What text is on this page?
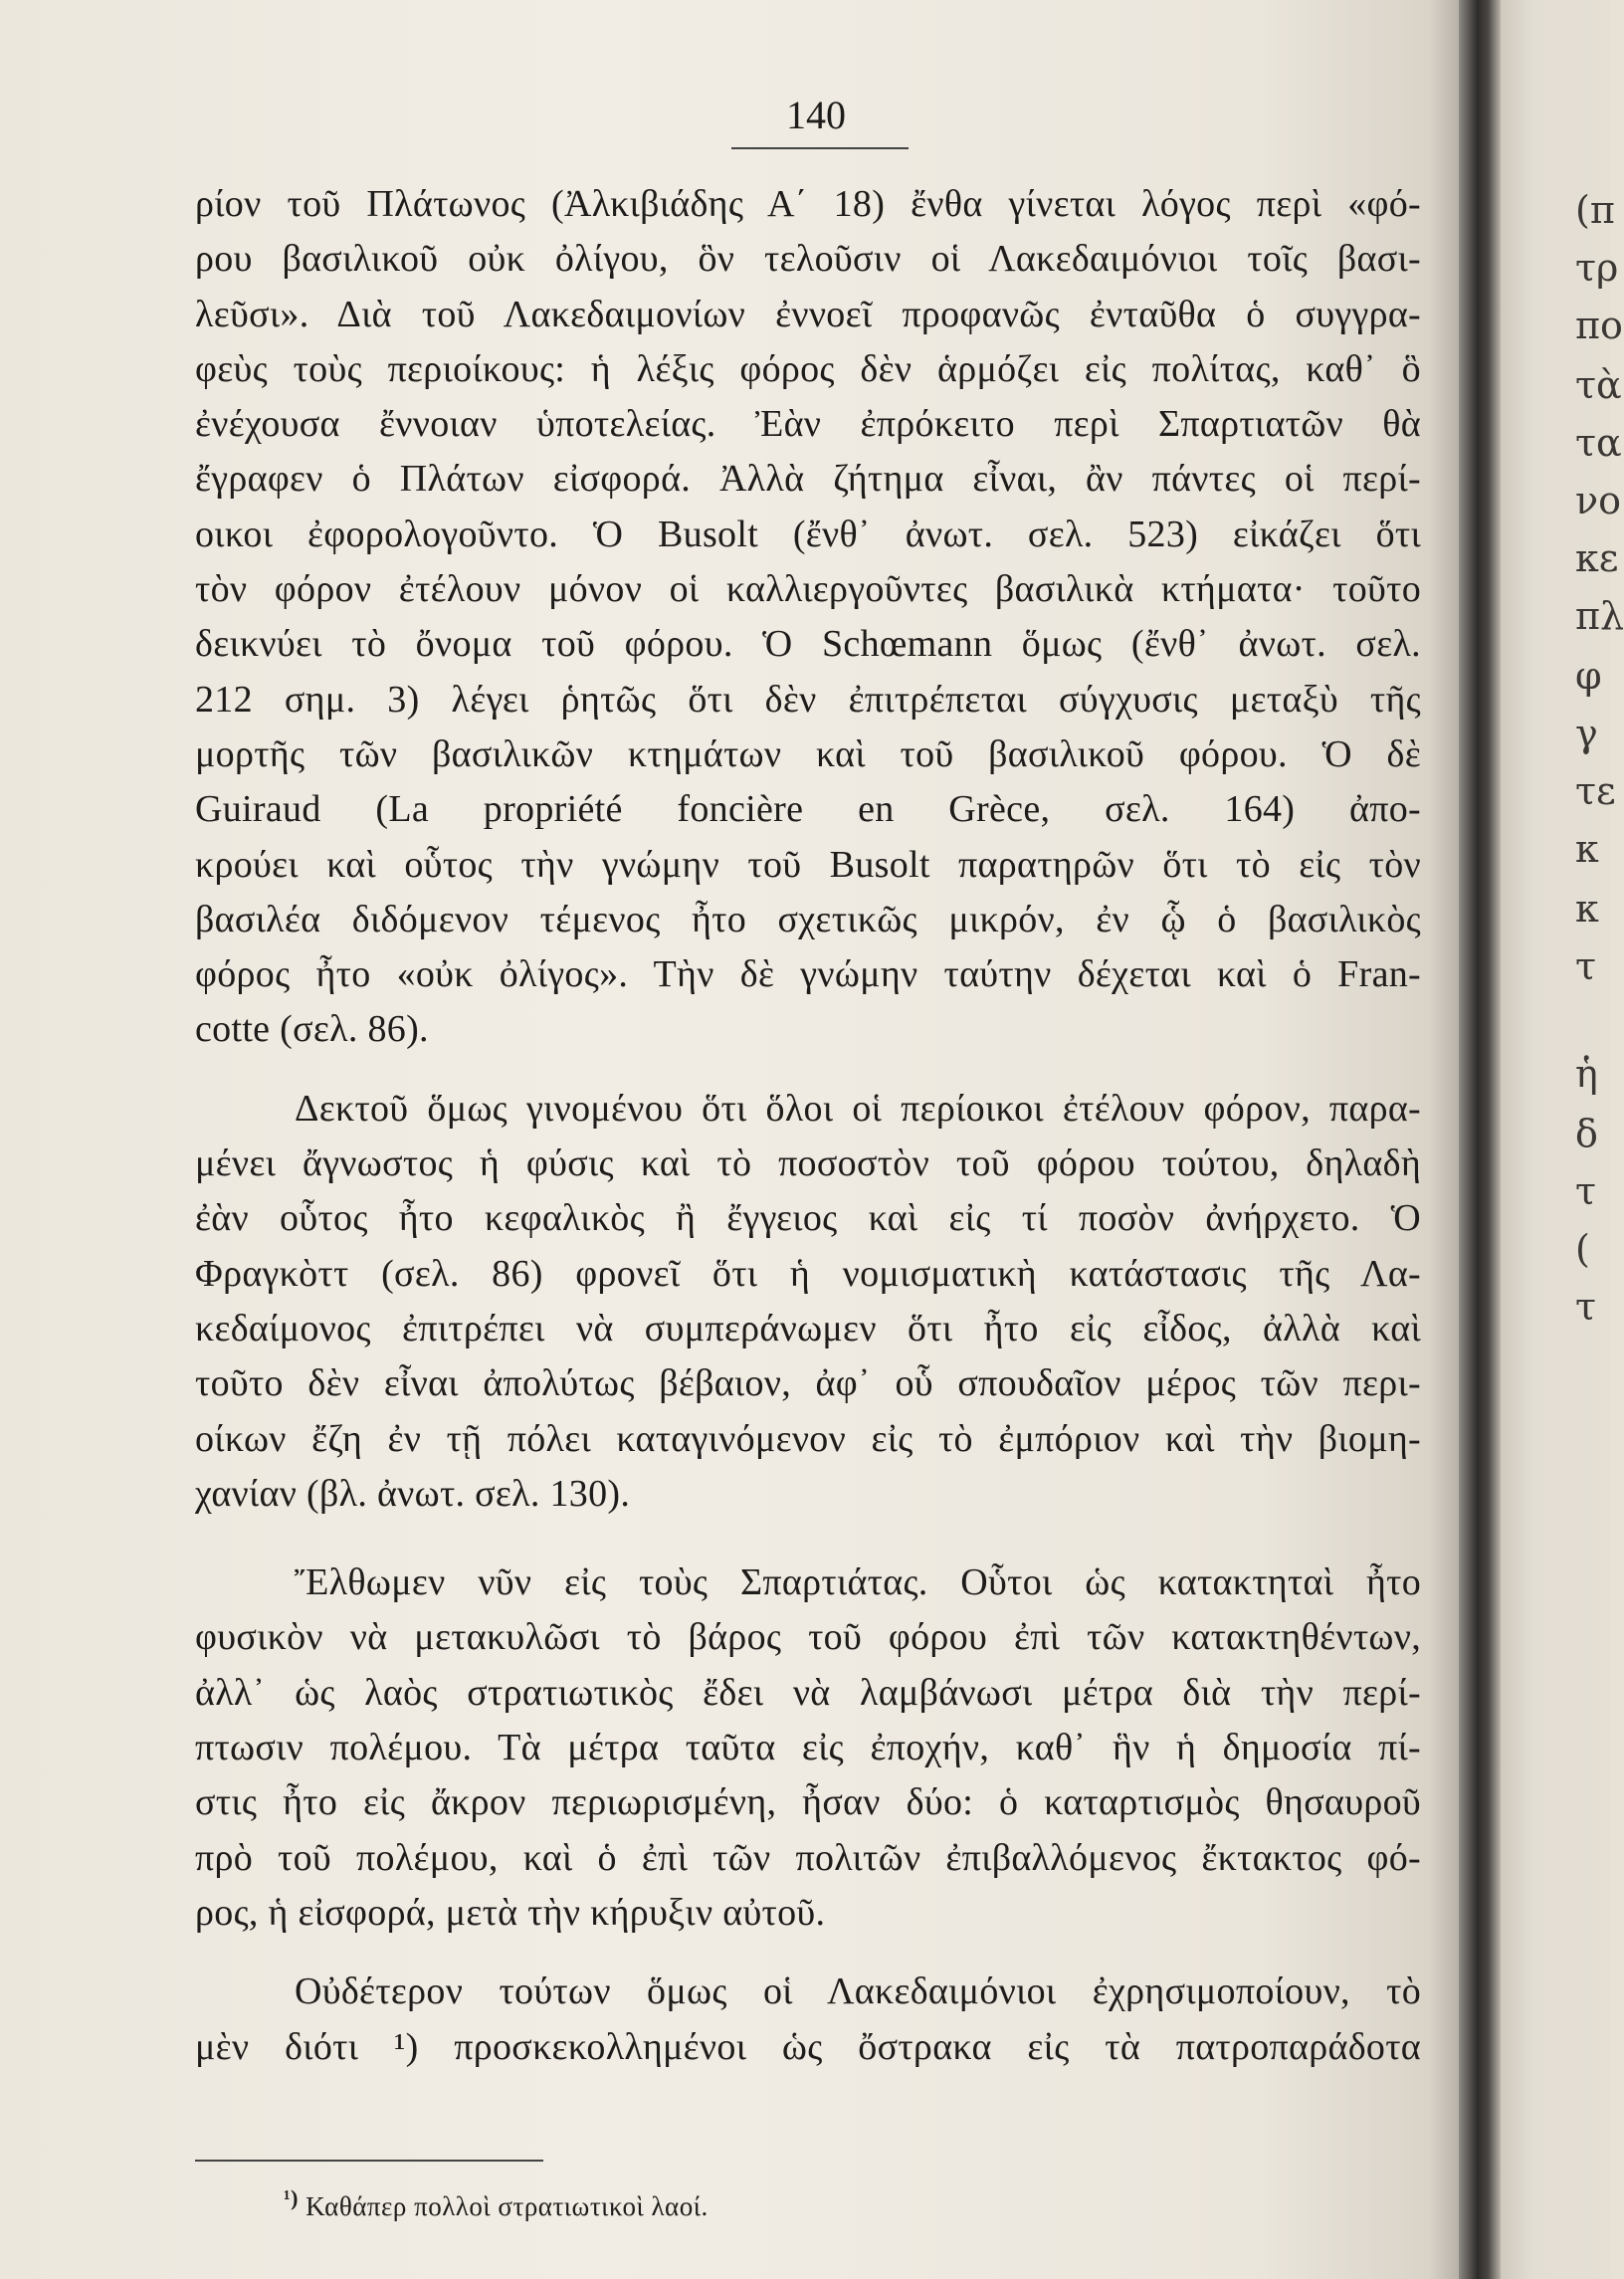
(π
τρ
πο
τὰ
τα
νο
κε
πλ
φ
γ
τε
κ
κ
τ
ἡ
δ
τ
(
τ
140
ρίον τοῦ Πλάτωνος (Ἀλκιβιάδης Α΄ 18) ἔνθα γίνεται λόγος περὶ «φό-
ρου βασιλικοῦ οὐκ ὀλίγου, ὃν τελοῦσιν οἱ Λακεδαιμόνιοι τοῖς βασι-
λεῦσι». Διὰ τοῦ Λακεδαιμονίων ἐννοεῖ προφανῶς ἐνταῦθα ὁ συγγρα-
φεὺς τοὺς περιοίκους: ἡ λέξις φόρος δὲν ἁρμόζει εἰς πολίτας, καθ᾽ ὃ
ἐνέχουσα ἔννοιαν ὑποτελείας. Ἐὰν ἐπρόκειτο περὶ Σπαρτιατῶν θὰ
ἔγραφεν ὁ Πλάτων εἰσφορά. Ἀλλὰ ζήτημα εἶναι, ἂν πάντες οἱ περί-
οικοι ἐφορολογοῦντο. Ὁ Busolt (ἔνθ᾽ ἀνωτ. σελ. 523) εἰκάζει ὅτι
τὸν φόρον ἐτέλουν μόνον οἱ καλλιεργοῦντες βασιλικὰ κτήματα· τοῦτο
δεικνύει τὸ ὄνομα τοῦ φόρου. Ὁ Schœmann ὅμως (ἔνθ᾽ ἀνωτ. σελ.
212 σημ. 3) λέγει ῥητῶς ὅτι δὲν ἐπιτρέπεται σύγχυσις μεταξὺ τῆς
μορτῆς τῶν βασιλικῶν κτημάτων καὶ τοῦ βασιλικοῦ φόρου. Ὁ δὲ
Guiraud (La propriété foncière en Grèce, σελ. 164) ἀπο-
κρούει καὶ οὗτος τὴν γνώμην τοῦ Busolt παρατηρῶν ὅτι τὸ εἰς τὸν
βασιλέα διδόμενον τέμενος ἦτο σχετικῶς μικρόν, ἐν ᾧ ὁ βασιλικὸς
φόρος ἦτο «οὐκ ὀλίγος». Τὴν δὲ γνώμην ταύτην δέχεται καὶ ὁ Fran-
cotte (σελ. 86).
Δεκτοῦ ὅμως γινομένου ὅτι ὅλοι οἱ περίοικοι ἐτέλουν φόρον, παρα-
μένει ἄγνωστος ἡ φύσις καὶ τὸ ποσοστὸν τοῦ φόρου τούτου, δηλαδὴ
ἐὰν οὗτος ἦτο κεφαλικὸς ἢ ἔγγειος καὶ εἰς τί ποσὸν ἀνήρχετο. Ὁ
Φραγκὸττ (σελ. 86) φρονεῖ ὅτι ἡ νομισματικὴ κατάστασις τῆς Λα-
κεδαίμονος ἐπιτρέπει νὰ συμπεράνωμεν ὅτι ἦτο εἰς εἶδος, ἀλλὰ καὶ
τοῦτο δὲν εἶναι ἀπολύτως βέβαιον, ἀφ᾽ οὗ σπουδαῖον μέρος τῶν περι-
οίκων ἔζη ἐν τῇ πόλει καταγινόμενον εἰς τὸ ἐμπόριον καὶ τὴν βιομη-
χανίαν (βλ. ἀνωτ. σελ. 130).
Ἔλθωμεν νῦν εἰς τοὺς Σπαρτιάτας. Οὗτοι ὡς κατακτηταὶ ἦτο
φυσικὸν νὰ μετακυλῶσι τὸ βάρος τοῦ φόρου ἐπὶ τῶν κατακτηθέντων,
ἀλλ᾽ ὡς λαὸς στρατιωτικὸς ἔδει νὰ λαμβάνωσι μέτρα διὰ τὴν περί-
πτωσιν πολέμου. Τὰ μέτρα ταῦτα εἰς ἐποχήν, καθ᾽ ἣν ἡ δημοσία πί-
στις ἦτο εἰς ἄκρον περιωρισμένη, ἦσαν δύο: ὁ καταρτισμὸς θησαυροῦ
πρὸ τοῦ πολέμου, καὶ ὁ ἐπὶ τῶν πολιτῶν ἐπιβαλλόμενος ἔκτακτος φό-
ρος, ἡ εἰσφορά, μετὰ τὴν κήρυξιν αὐτοῦ.
Οὐδέτερον τούτων ὅμως οἱ Λακεδαιμόνιοι ἐχρησιμοποίουν, τὸ
μὲν διότι ¹) προσκεκολλημένοι ὡς ὄστρακα εἰς τὰ πατροπαράδοτα
$^{^1)}$ Καθάπερ πολλοὶ στρατιωτικοὶ λαοί.
